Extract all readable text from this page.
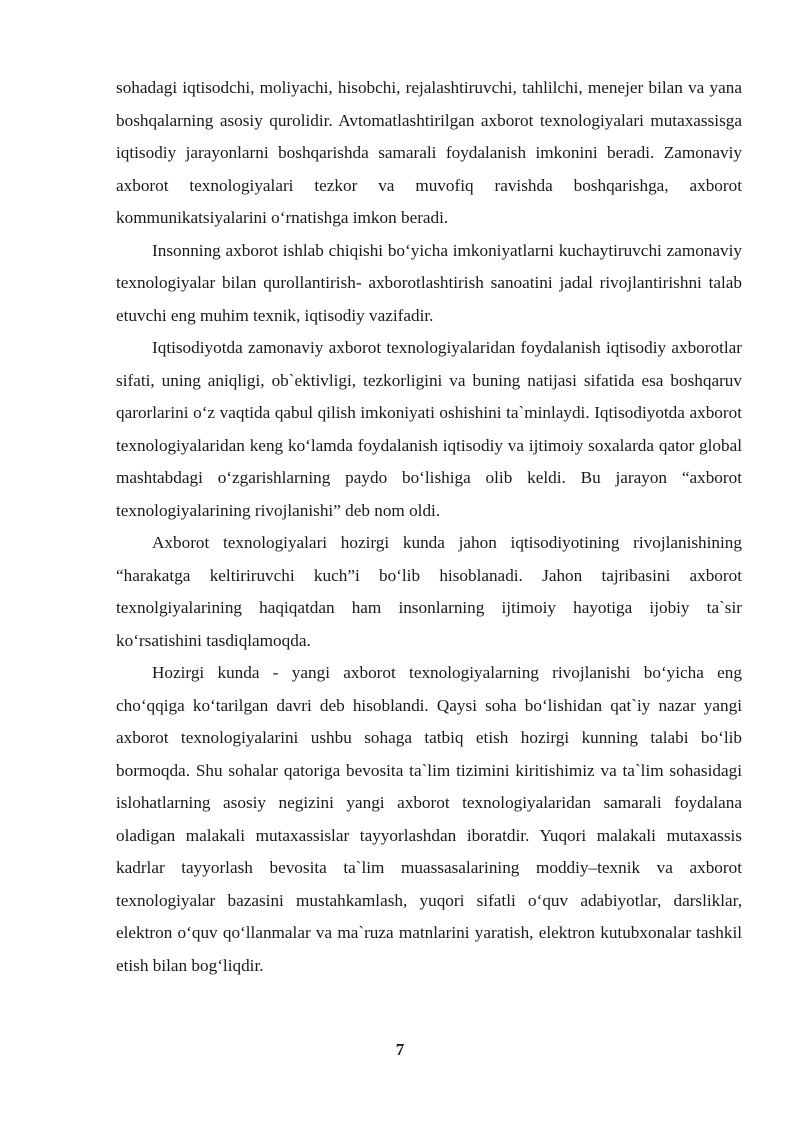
sohadagi iqtisodchi, moliyachi, hisobchi, rejalashtiruvchi, tahlilchi, menejer bilan va yana boshqalarning asosiy qurolidir. Avtomatlashtirilgan axborot texnologiyalari mutaxassisga iqtisodiy jarayonlarni boshqarishda samarali foydalanish imkonini beradi. Zamonaviy axborot texnologiyalari tezkor va muvofiq ravishda boshqarishga, axborot kommunikatsiyalarini o‘rnatishga imkon beradi.

Insonning axborot ishlab chiqishi bo‘yicha imkoniyatlarni kuchaytiruvchi zamonaviy texnologiyalar bilan qurollantirish- axborotlashtirish sanoatini jadal rivojlantirishni talab etuvchi eng muhim texnik, iqtisodiy vazifadir.

Iqtisodiyotda zamonaviy axborot texnologiyalaridan foydalanish iqtisodiy axborotlar sifati, uning aniqligi, ob`ektivligi, tezkorligini va buning natijasi sifatida esa boshqaruv qarorlarini o‘z vaqtida qabul qilish imkoniyati oshishini ta`minlaydi. Iqtisodiyotda axborot texnologiyalaridan keng ko‘lamda foydalanish iqtisodiy va ijtimoiy soxalarda qator global mashtabdagi o‘zgarishlarning paydo bo‘lishiga olib keldi. Bu jarayon “axborot texnologiyalarining rivojlanishi” deb nom oldi.

Axborot texnologiyalari hozirgi kunda jahon iqtisodiyotining rivojlanishining “harakatga keltiriruvchi kuch”i bo‘lib hisoblanadi. Jahon tajribasini axborot texnolgiyalarining haqiqatdan ham insonlarning ijtimoiy hayotiga ijobiy ta`sir ko‘rsatishini tasdiqlamoqda.

Hozirgi kunda - yangi axborot texnologiyalarning rivojlanishi bo‘yicha eng cho‘qqiga ko‘tarilgan davri deb hisoblandi. Qaysi soha bo‘lishidan qat`iy nazar yangi axborot texnologiyalarini ushbu sohaga tatbiq etish hozirgi kunning talabi bo‘lib bormoqda. Shu sohalar qatoriga bevosita ta`lim tizimini kiritishimiz va ta`lim sohasidagi islohatlarning asosiy negizini yangi axborot texnologiyalaridan samarali foydalana oladigan malakali mutaxassislar tayyorlashdan iboratdir. Yuqori malakali mutaxassis kadrlar tayyorlash bevosita ta`lim muassasalarining moddiy–texnik va axborot texnologiyalar bazasini mustahkamlash, yuqori sifatli o‘quv adabiyotlar, darsliklar, elektron o‘quv qo‘llanmalar va ma`ruza matnlarini yaratish, elektron kutubxonalar tashkil etish bilan bog‘liqdir.

7
